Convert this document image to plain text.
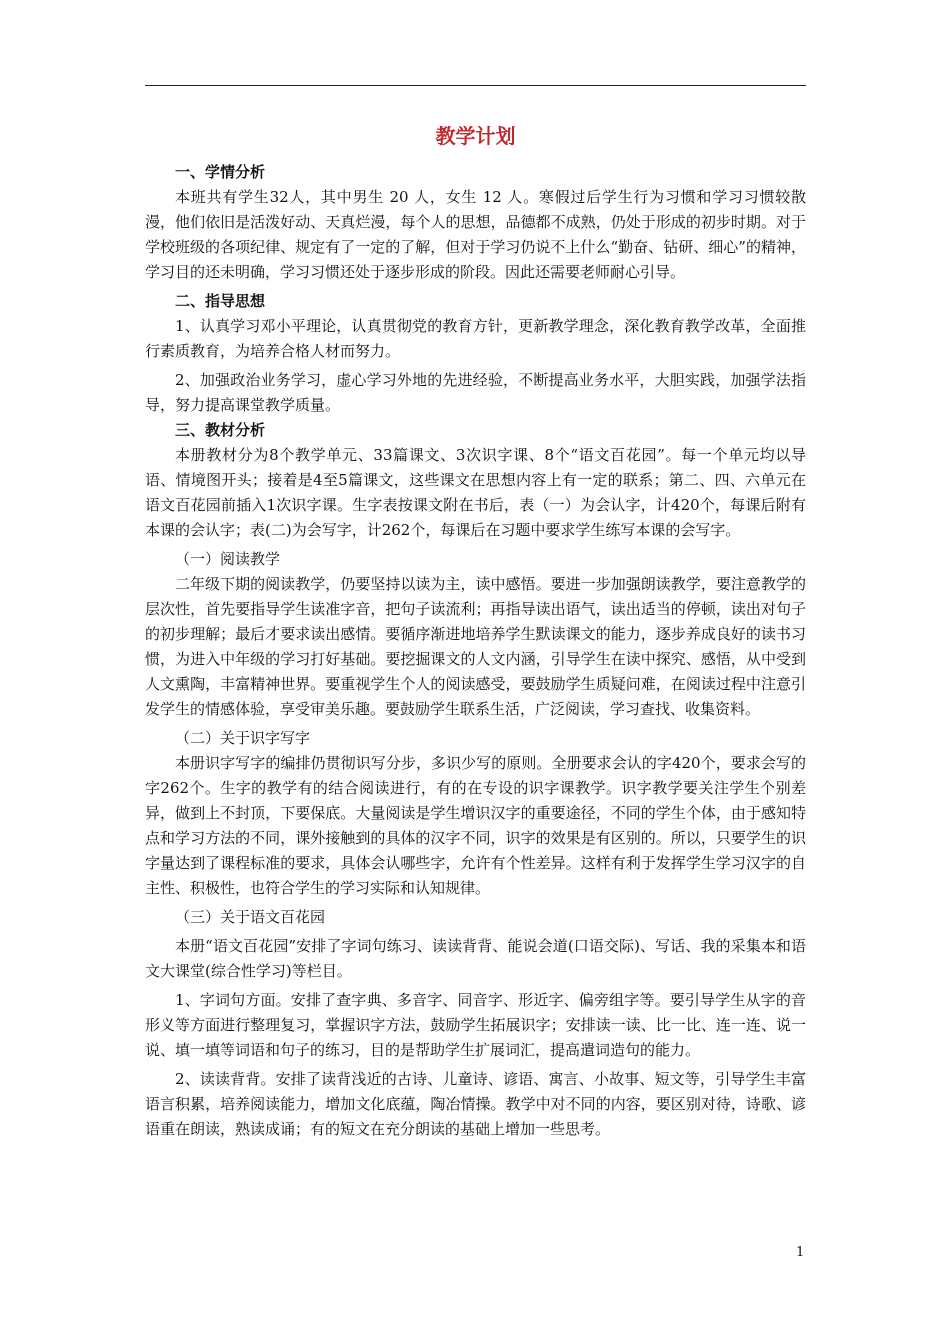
教学计划

一、学情分析

本班共有学生32人，其中男生 20 人，女生 12 人。寒假过后学生行为习惯和学习习惯较散漫，他们依旧是活泼好动、天真烂漫，每个人的思想，品德都不成熟，仍处于形成的初步时期。对于学校班级的各项纪律、规定有了一定的了解，但对于学习仍说不上什么“勤奋、钻研、细心”的精神，学习目的还未明确，学习习惯还处于逐步形成的阶段。因此还需要老师耐心引导。

二、指导思想

1、认真学习邓小平理论，认真贯彻党的教育方针，更新教学理念，深化教育教学改革，全面推行素质教育，为培养合格人材而努力。

2、加强政治业务学习，虚心学习外地的先进经验，不断提高业务水平，大胆实践，加强学法指导，努力提高课堂教学质量。

三、教材分析

本册教材分为8个教学单元、33篇课文、3次识字课、8个“语文百花园”。每一个单元均以导语、情境图开头；接着是4至5篇课文，这些课文在思想内容上有一定的联系；第二、四、六单元在语文百花园前插入1次识字课。生字表按课文附在书后，表（一）为会认字，计420个，每课后附有本课的会认字；表(二)为会写字，计262个，每课后在习题中要求学生练写本课的会写字。

（一）阅读教学

二年级下期的阅读教学，仍要坚持以读为主，读中感悟。要进一步加强朗读教学，要注意教学的层次性，首先要指导学生读准字音，把句子读流利；再指导读出语气，读出适当的停顿，读出对句子的初步理解；最后才要求读出感情。要循序渐进地培养学生默读课文的能力，逐步养成良好的读书习惯，为进入中年级的学习打好基础。要挖掘课文的人文内涵，引导学生在读中探究、感悟，从中受到人文熏陶，丰富精神世界。要重视学生个人的阅读感受，要鼓励学生质疑问难，在阅读过程中注意引发学生的情感体验，享受审美乐趣。要鼓励学生联系生活，广泛阅读，学习查找、收集资料。

（二）关于识字写字

本册识字写字的编排仍贯彻识写分步，多识少写的原则。全册要求会认的字420个，要求会写的字262个。生字的教学有的结合阅读进行，有的在专设的识字课教学。识字教学要关注学生个别差异，做到上不封顶，下要保底。大量阅读是学生增识汉字的重要途径，不同的学生个体，由于感知特点和学习方法的不同，课外接触到的具体的汉字不同，识字的效果是有区别的。所以，只要学生的识字量达到了课程标准的要求，具体会认哪些字，允许有个性差异。这样有利于发挥学生学习汉字的自主性、积极性，也符合学生的学习实际和认知规律。

（三）关于语文百花园

本册“语文百花园”安排了字词句练习、读读背背、能说会道(口语交际)、写话、我的采集本和语文大课堂(综合性学习)等栏目。

1、字词句方面。安排了查字典、多音字、同音字、形近字、偏旁组字等。要引导学生从字的音形义等方面进行整理复习，掌握识字方法，鼓励学生拓展识字；安排读一读、比一比、连一连、说一说、填一填等词语和句子的练习，目的是帮助学生扩展词汇，提高遣词造句的能力。

2、读读背背。安排了读背浅近的古诗、儿童诗、谚语、寓言、小故事、短文等，引导学生丰富语言积累，培养阅读能力，增加文化底蕴，陶冶情操。教学中对不同的内容，要区别对待，诗歌、谚语重在朗读，熟读成诵；有的短文在充分朗读的基础上增加一些思考。

1
